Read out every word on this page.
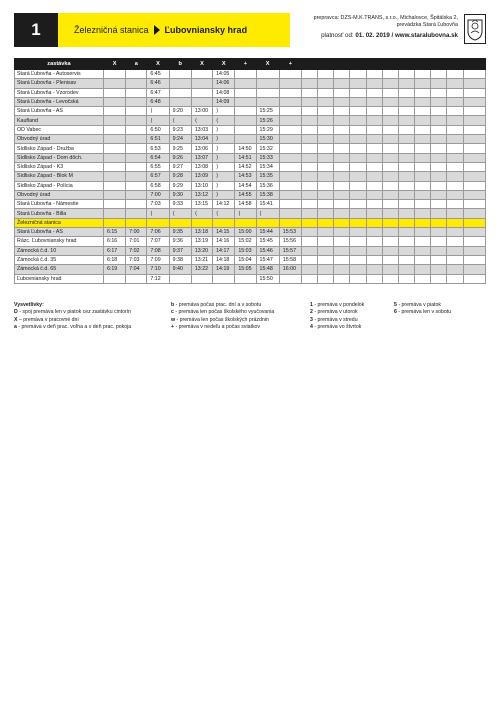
1	Železničná stanica Ľubovniansky hrad
prepravca: DZS-M.K.TRANS, s.r.o., Michalovce, Špitálska 2,
prevádzka Stará Ľubovňa
platnosť od: 01. 02. 2019 / www.staralubovna.sk
zastávka	X	a	X	b	X	X	+	X	+											
Stará Ľubovňa - Autoservis			6:45			14:05														
Stará Ľubovňa - Plenisav			6:46			14:06														
Stará Ľubovňa - Vzorodev			6:47			14:08														
Stará Ľubovňa - Levočská			6:48			14:09														
Stará Ľubovňa - AS			⟩	9:20	13:00	⟩		15:25												
Kaufland			⟨	⟨	⟨	⟨		15:26												
OD Vabec			6:50	9:23	13:03	⟩		15:29												
Obvodný úrad			6:51	9:24	13:04	⟩		15:30												
Sídlisko Západ - Družba			6:53	9:25	13:06	⟩	14:50	15:32												
Sídlisko Západ - Dom dôch.			6:54	9:26	13:07	⟩	14:51	15:33												
Sídlisko Západ - K3			6:55	9:27	13:08	⟩	14:52	15:34												
Sídlisko Západ - Blok M			6:57	9:28	13:09	⟩	14:53	15:35												
Sídlisko Západ - Polícia			6:58	9:29	13:10	⟩	14:54	15:36												
Obvodný úrad			7:00	9:30	13:12	⟩	14:55	15:38												
Stará Ľubovňa - Námestie			7:03	9:33	13:15	14:12	14:58	15:41												
Stará Ľubovňa - Billa			⟨	⟨	⟨	⟨	⟨	⟨												
Železničná stanica																				
Stará Ľubovňa - AS	6:15	7:00	7:06	9:35	13:18	14:15	15:00	15:44	15:53											
Rázc. Ľubovniansky hrad	6:16	7:01	7:07	9:36	13:19	14:16	15:02	15:45	15:56											
Zámocká č.d. 10	6:17	7:02	7:08	9:37	13:20	14:17	15:03	15:46	15:57											
Zámocká č.d. 35	6:18	7:03	7:09	9:38	13:21	14:18	15:04	15:47	15:58											
Zámocká č.d. 65	6:19	7:04	7:10	9:40	13:22	14:19	15:05	15:48	16:00											
Ľubovniansky hrad			7:12					15:50												
Vysvetlivky:
D - spoj premáva len v piatok cez zastávku cintorín
X – premáva v pracovné dni
a - premáva v deň prac. voľna a v deň prac. pokoja
b - premáva počas prac. dní a v sobotu
c - premáva len počas školského vyučovania
w - premáva len počas školských prázdnin
+ - premáva v nedeľu a počas sviatkov
1 - premáva v pondelok
2 - premáva v utorok
3 - premáva v stredu
4 - premáva vo štvrtok
5 - premáva v piatok
6 - premáva len v sobotu
